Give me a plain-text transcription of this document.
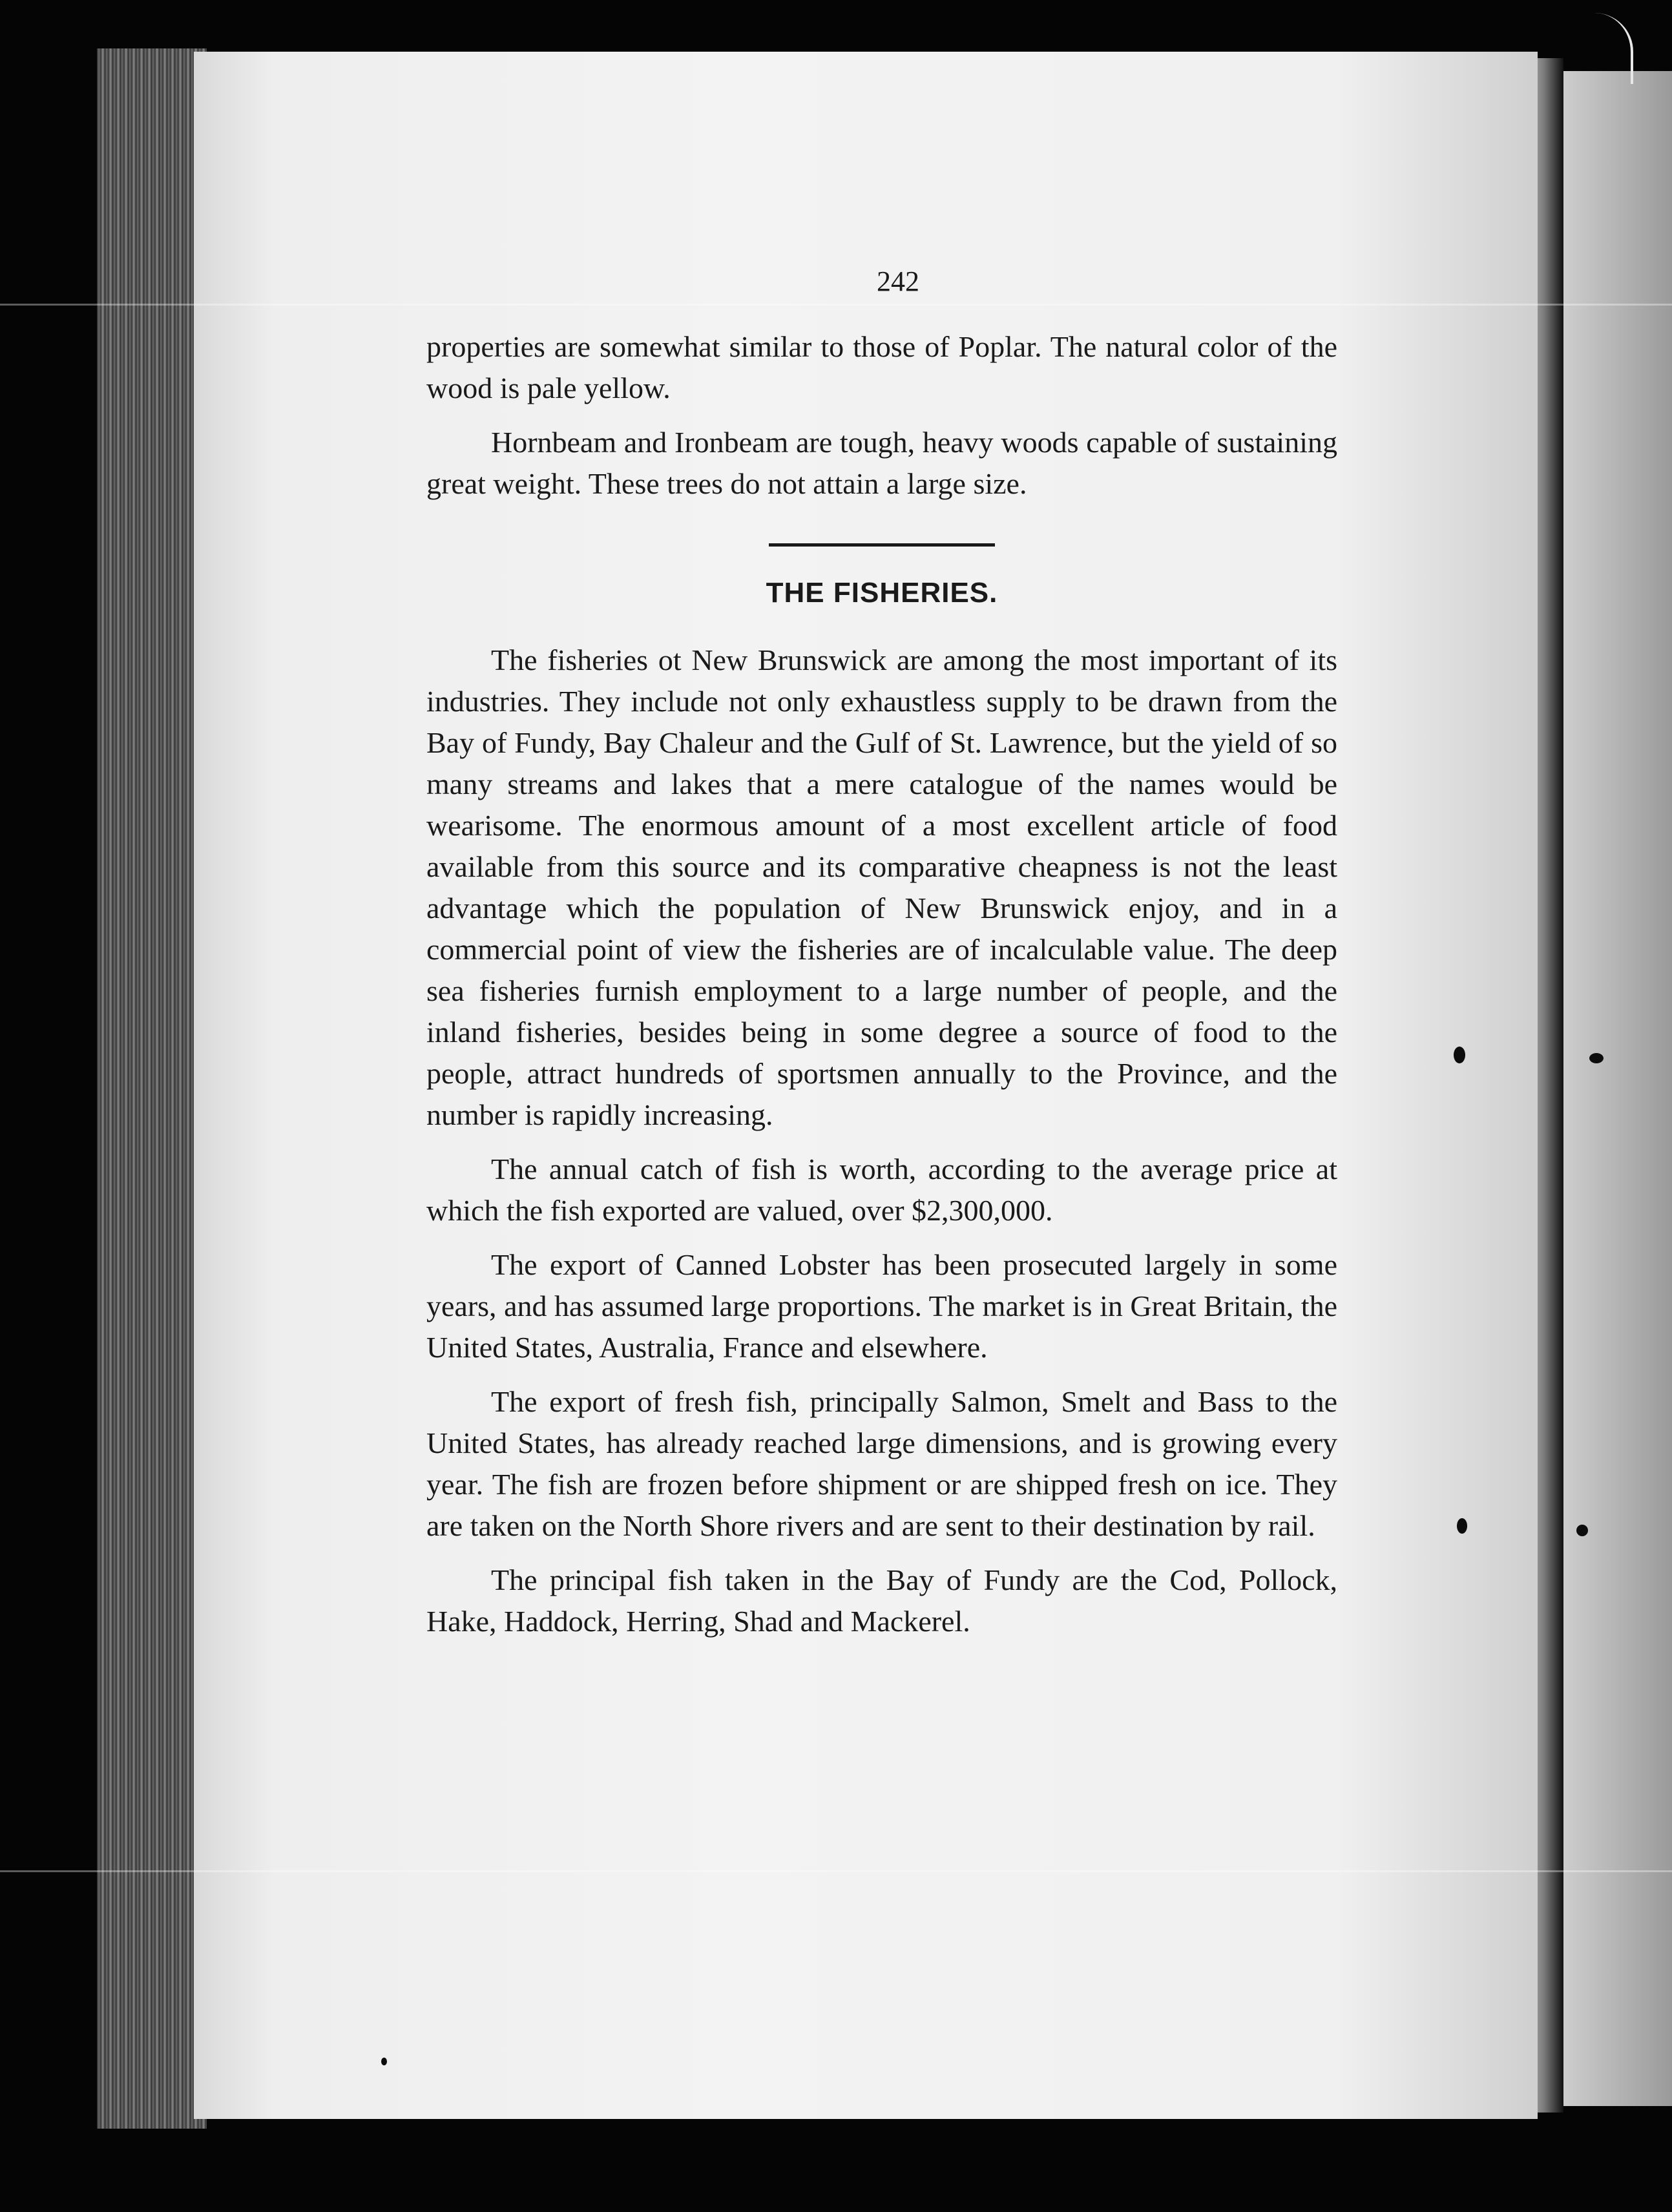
242

properties are somewhat similar to those of Poplar. The natural color of the wood is pale yellow.

Hornbeam and Ironbeam are tough, heavy woods capable of sustaining great weight. These trees do not attain a large size.

THE FISHERIES.

The fisheries ot New Brunswick are among the most important of its industries. They include not only exhaustless supply to be drawn from the Bay of Fundy, Bay Chaleur and the Gulf of St. Lawrence, but the yield of so many streams and lakes that a mere catalogue of the names would be wearisome. The enormous amount of a most excellent article of food available from this source and its comparative cheapness is not the least advantage which the population of New Brunswick enjoy, and in a commercial point of view the fisheries are of incalculable value. The deep sea fisheries furnish employment to a large number of people, and the inland fisheries, besides being in some degree a source of food to the people, attract hundreds of sportsmen annually to the Province, and the number is rapidly increasing.

The annual catch of fish is worth, according to the average price at which the fish exported are valued, over $2,300,000.

The export of Canned Lobster has been prosecuted largely in some years, and has assumed large proportions. The market is in Great Britain, the United States, Australia, France and elsewhere.

The export of fresh fish, principally Salmon, Smelt and Bass to the United States, has already reached large dimensions, and is growing every year. The fish are frozen before shipment or are shipped fresh on ice. They are taken on the North Shore rivers and are sent to their destination by rail.

The principal fish taken in the Bay of Fundy are the Cod, Pollock, Hake, Haddock, Herring, Shad and Mackerel.
